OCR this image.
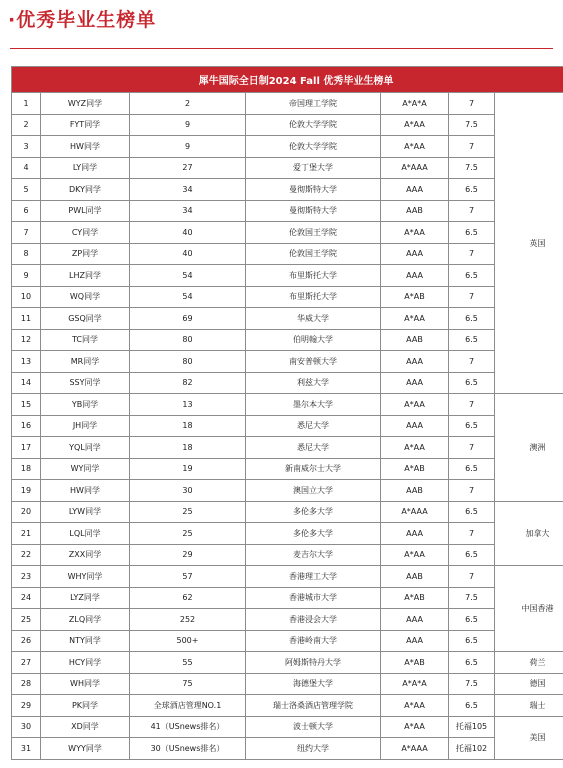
·优秀毕业生榜单
犀牛国际全日制2024 Fall 优秀毕业生榜单						
1	WYZ同学	2	帝国理工学院	A*A*A	7	英国
2	FYT同学	9	伦敦大学学院	A*AA	7.5	
3	HW同学	9	伦敦大学学院	A*AA	7	
4	LY同学	27	爱丁堡大学	A*AAA	7.5	
5	DKY同学	34	曼彻斯特大学	AAA	6.5	
6	PWL同学	34	曼彻斯特大学	AAB	7	
7	CY同学	40	伦敦国王学院	A*AA	6.5	
8	ZP同学	40	伦敦国王学院	AAA	7	
9	LHZ同学	54	布里斯托大学	AAA	6.5	
10	WQ同学	54	布里斯托大学	A*AB	7	
11	GSQ同学	69	华威大学	A*AA	6.5	
12	TC同学	80	伯明翰大学	AAB	6.5	
13	MR同学	80	南安普顿大学	AAA	7	
14	SSY同学	82	利兹大学	AAA	6.5	
15	YB同学	13	墨尔本大学	A*AA	7	澳洲
16	JH同学	18	悉尼大学	AAA	6.5	
17	YQL同学	18	悉尼大学	A*AA	7	
18	WY同学	19	新南威尔士大学	A*AB	6.5	
19	HW同学	30	澳国立大学	AAB	7	
20	LYW同学	25	多伦多大学	A*AAA	6.5	加拿大
21	LQL同学	25	多伦多大学	AAA	7	
22	ZXX同学	29	麦吉尔大学	A*AA	6.5	
23	WHY同学	57	香港理工大学	AAB	7	中国香港
24	LYZ同学	62	香港城市大学	A*AB	7.5	
25	ZLQ同学	252	香港浸会大学	AAA	6.5	
26	NTY同学	500+	香港岭南大学	AAA	6.5	
27	HCY同学	55	阿姆斯特丹大学	A*AB	6.5	荷兰
28	WH同学	75	海德堡大学	A*A*A	7.5	德国
29	PK同学	全球酒店管理NO.1	瑞士洛桑酒店管理学院	A*AA	6.5	瑞士
30	XD同学	41（USnews排名）	波士顿大学	A*AA	托福105	美国
31	WYY同学	30（USnews排名）	纽约大学	A*AAA	托福102	
